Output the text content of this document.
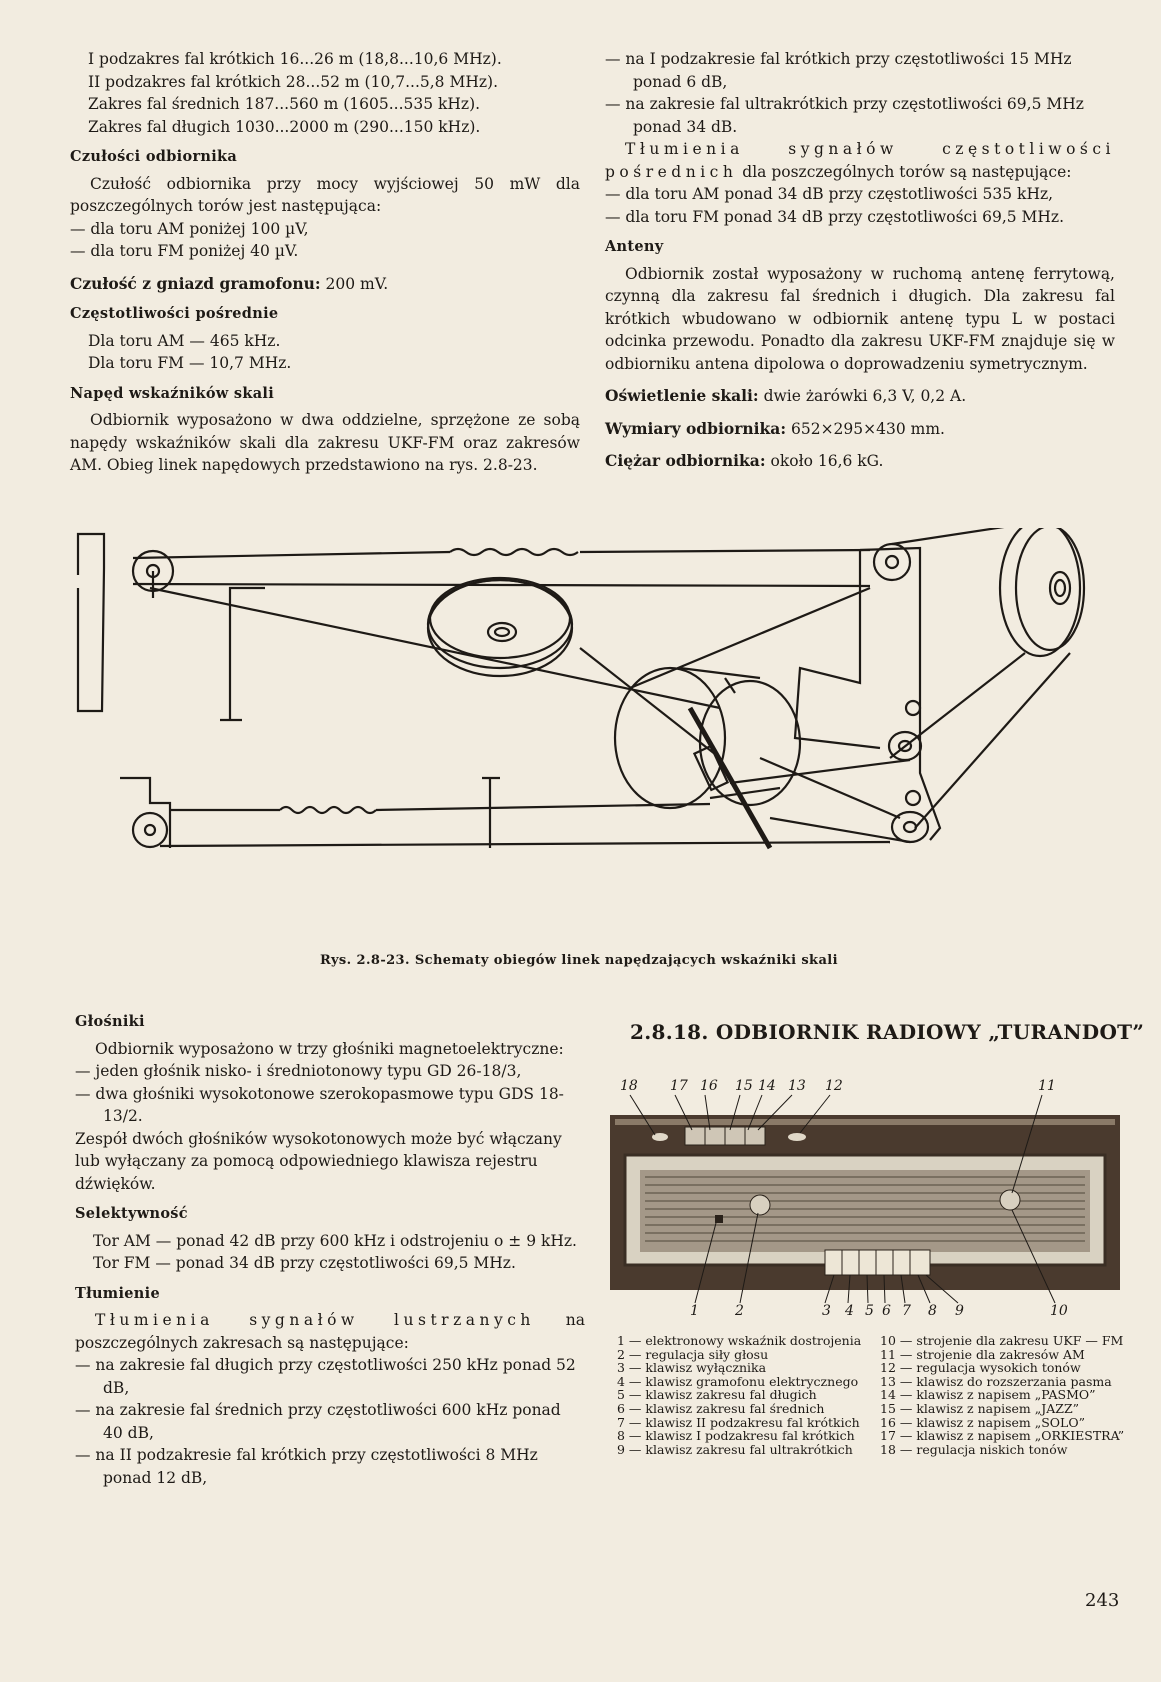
I podzakres fal krótkich 16...26 m (18,8...10,6 MHz).

II podzakres fal krótkich 28...52 m (10,7...5,8 MHz).

Zakres fal średnich 187...560 m (1605...535 kHz).

Zakres fal długich 1030...2000 m (290...150 kHz).

Czułości odbiornika

Czułość odbiornika przy mocy wyjściowej 50 mW dla poszczególnych torów jest następująca:

— dla toru AM poniżej 100 µV,

— dla toru FM poniżej 40 µV.

Czułość z gniazd gramofonu: 200 mV.

Częstotliwości pośrednie

Dla toru AM — 465 kHz.

Dla toru FM — 10,7 MHz.

Napęd wskaźników skali

Odbiornik wyposażono w dwa oddzielne, sprzężone ze sobą napędy wskaźników skali dla zakresu UKF-FM oraz zakresów AM. Obieg linek napędowych przedstawiono na rys. 2.8-23.

— na I podzakresie fal krótkich przy częstotliwości 15 MHz ponad 6 dB,

— na zakresie fal ultrakrótkich przy częstotliwości 69,5 MHz ponad 34 dB.

Tłumienia sygnałów częstotliwości pośrednich dla poszczególnych torów są następujące:

— dla toru AM ponad 34 dB przy częstotliwości 535 kHz,

— dla toru FM ponad 34 dB przy częstotliwości 69,5 MHz.

Anteny

Odbiornik został wyposażony w ruchomą antenę ferrytową, czynną dla zakresu fal średnich i długich. Dla zakresu fal krótkich wbudowano w odbiornik antenę typu L w postaci odcinka przewodu. Ponadto dla zakresu UKF-FM znajduje się w odbiorniku antena dipolowa o doprowadzeniu symetrycznym.

Oświetlenie skali: dwie żarówki 6,3 V, 0,2 A.

Wymiary odbiornika: 652×295×430 mm.

Ciężar odbiornika: około 16,6 kG.

Rys. 2.8-23. Schematy obiegów linek napędzających wskaźniki skali

2.8.18. ODBIORNIK RADIOWY „TURANDOT”

Głośniki

Odbiornik wyposażono w trzy głośniki magnetoelektryczne:

— jeden głośnik nisko- i średniotonowy typu GD 26-18/3,

— dwa głośniki wysokotonowe szerokopasmowe typu GDS 18-13/2.

Zespół dwóch głośników wysokotonowych może być włączany lub wyłączany za pomocą odpowiedniego klawisza rejestru dźwięków.

Selektywność

Tor AM — ponad 42 dB przy 600 kHz i odstrojeniu o ± 9 kHz.

Tor FM — ponad 34 dB przy częstotliwości 69,5 MHz.

Tłumienie

Tłumienia sygnałów lustrzanych na poszczególnych zakresach są następujące:

— na zakresie fal długich przy częstotliwości 250 kHz ponad 52 dB,

— na zakresie fal średnich przy częstotliwości 600 kHz ponad 40 dB,

— na II podzakresie fal krótkich przy częstotliwości 8 MHz ponad 12 dB,

18 17 16 15 14 13 12	11
1	2	3 4 5 6 7 8 9	10

1 — elektronowy wskaźnik dostrojenia

2 — regulacja siły głosu

3 — klawisz wyłącznika

4 — klawisz gramofonu elektrycznego

5 — klawisz zakresu fal długich

6 — klawisz zakresu fal średnich

7 — klawisz II podzakresu fal krótkich

8 — klawisz I podzakresu fal krótkich

9 — klawisz zakresu fal ultrakrótkich

10 — strojenie dla zakresu UKF — FM

11 — strojenie dla zakresów AM

12 — regulacja wysokich tonów

13 — klawisz do rozszerzania pasma

14 — klawisz z napisem „PASMO”

15 — klawisz z napisem „JAZZ”

16 — klawisz z napisem „SOLO”

17 — klawisz z napisem „ORKIESTRA”

18 — regulacja niskich tonów

243
